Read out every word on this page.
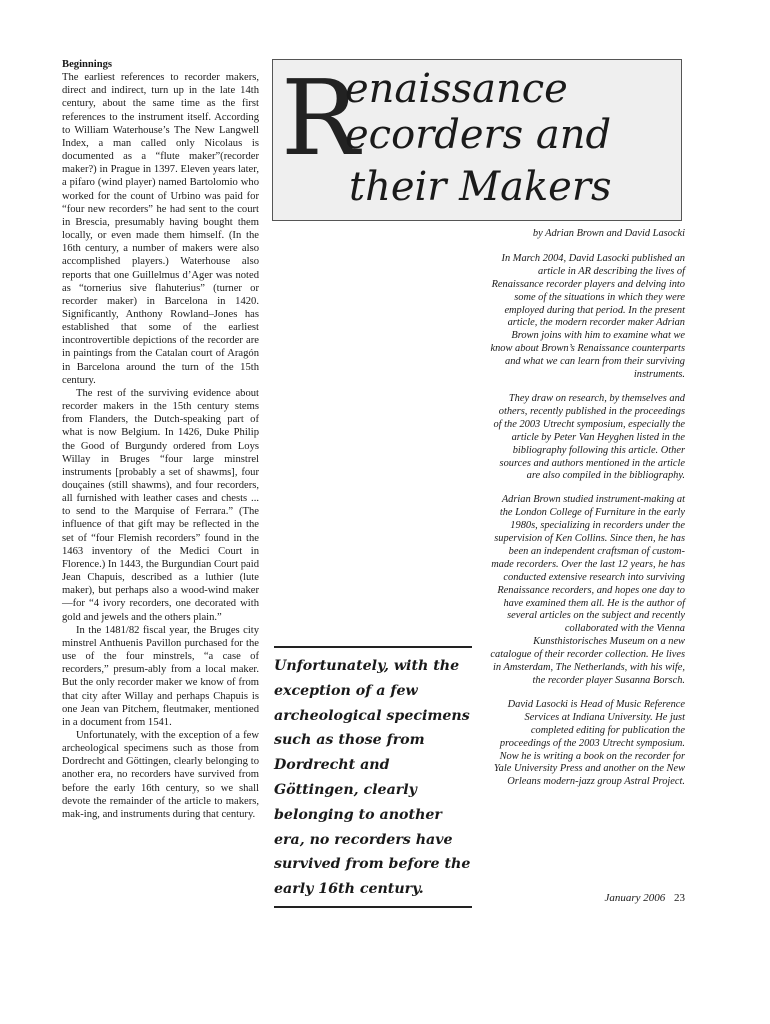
Beginnings

The earliest references to recorder makers, direct and indirect, turn up in the late 14th century, about the same time as the first references to the instrument itself. According to William Waterhouse’s The New Langwell Index, a man called only Nicolaus is documented as a “flute maker”(recorder maker?) in Prague in 1397. Eleven years later, a pifaro (wind player) named Bartolomio who worked for the count of Urbino was paid for “four new recorders” he had sent to the court in Brescia, presumably having bought them locally, or even made them himself. (In the 16th century, a number of makers were also accomplished players.) Waterhouse also reports that one Guillelmus d’Ager was noted as “tornerius sive flahuterius” (turner or recorder maker) in Barcelona in 1420. Significantly, Anthony Rowland–Jones has established that some of the earliest incontrovertible depictions of the recorder are in paintings from the Catalan court of Aragón in Barcelona around the turn of the 15th century.

The rest of the surviving evidence about recorder makers in the 15th century stems from Flanders, the Dutch-speaking part of what is now Belgium. In 1426, Duke Philip the Good of Burgundy ordered from Loys Willay in Bruges “four large minstrel instruments [probably a set of shawms], four douçaines (still shawms), and four recorders, all furnished with leather cases and chests ... to send to the Marquise of Ferrara.” (The influence of that gift may be reflected in the set of “four Flemish recorders” found in the 1463 inventory of the Medici Court in Florence.) In 1443, the Burgundian Court paid Jean Chapuis, described as a luthier (lute maker), but perhaps also a wood-wind maker—for “4 ivory recorders, one decorated with gold and jewels and the others plain.”

In the 1481/82 fiscal year, the Bruges city minstrel Anthuenis Pavillon purchased for the use of the four minstrels, “a case of recorders,” presum-ably from a local maker. But the only recorder maker we know of from that city after Willay and perhaps Chapuis is one Jean van Pitchem, fleutmaker, mentioned in a document from 1541.

Unfortunately, with the exception of a few archeological specimens such as those from Dordrecht and Göttingen, clearly belonging to another era, no recorders have survived from before the early 16th century, so we shall devote the remainder of the article to makers, mak-ing, and instruments during that century.

R
enaissance
ecorders and
their Makers

by Adrian Brown and David Lasocki

In March 2004, David Lasocki published an article in AR describing the lives of Renaissance recorder players and delving into some of the situations in which they were employed during that period. In the present article, the modern recorder maker Adrian Brown joins with him to examine what we know about Brown’s Renaissance counterparts and what we can learn from their surviving instruments.

They draw on research, by themselves and others, recently published in the proceedings of the 2003 Utrecht symposium, especially the article by Peter Van Heyghen listed in the bibliography following this article. Other sources and authors mentioned in the article are also compiled in the bibliography.

Adrian Brown studied instrument-making at the London College of Furniture in the early 1980s, specializing in recorders under the supervision of Ken Collins. Since then, he has been an independent craftsman of custom-made recorders. Over the last 12 years, he has conducted extensive research into surviving Renaissance recorders, and hopes one day to have examined them all. He is the author of several articles on the subject and recently collaborated with the Vienna Kunsthistorisches Museum on a new catalogue of their recorder collection. He lives in Amsterdam, The Netherlands, with his wife, the recorder player Susanna Borsch.

David Lasocki is Head of Music Reference Services at Indiana University. He just completed editing for publication the proceedings of the 2003 Utrecht symposium. Now he is writing a book on the recorder for Yale University Press and another on the New Orleans modern-jazz group Astral Project.

Unfortunately, with the exception of a few archeological specimens such as those from Dordrecht and Göttingen, clearly belonging to another era, no recorders have survived from before the early 16th century.
January 2006 23
